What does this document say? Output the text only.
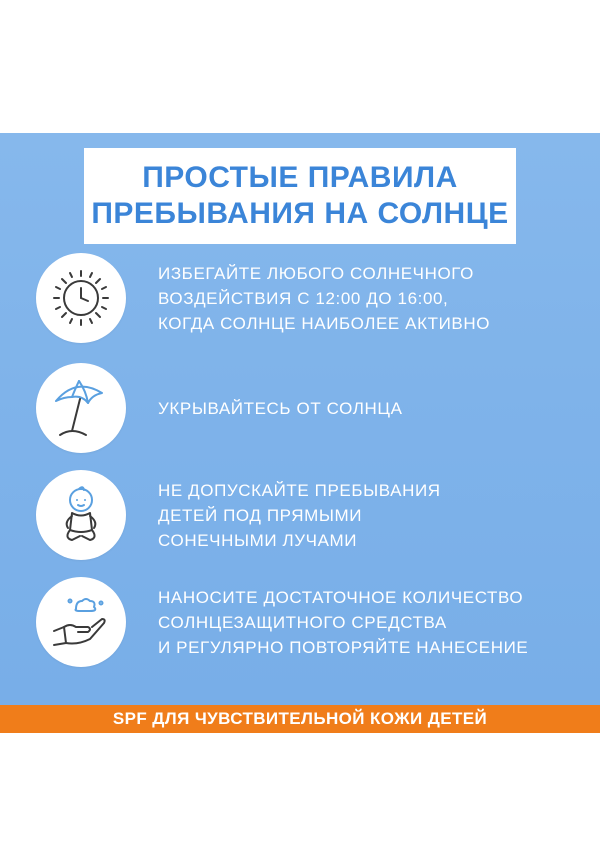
ПРОСТЫЕ ПРАВИЛА
ПРЕБЫВАНИЯ НА СОЛНЦЕ
ИЗБЕГАЙТЕ ЛЮБОГО СОЛНЕЧНОГО
ВОЗДЕЙСТВИЯ С 12:00 ДО 16:00,
КОГДА СОЛНЦЕ НАИБОЛЕЕ АКТИВНО
УКРЫВАЙТЕСЬ ОТ СОЛНЦА
НЕ ДОПУСКАЙТЕ ПРЕБЫВАНИЯ
ДЕТЕЙ ПОД ПРЯМЫМИ
СОНЕЧНЫМИ ЛУЧАМИ
НАНОСИТЕ ДОСТАТОЧНОЕ КОЛИЧЕСТВО
СОЛНЦЕЗАЩИТНОГО СРЕДСТВА
И РЕГУЛЯРНО ПОВТОРЯЙТЕ НАНЕСЕНИЕ
SPF ДЛЯ ЧУВСТВИТЕЛЬНОЙ КОЖИ ДЕТЕЙ
